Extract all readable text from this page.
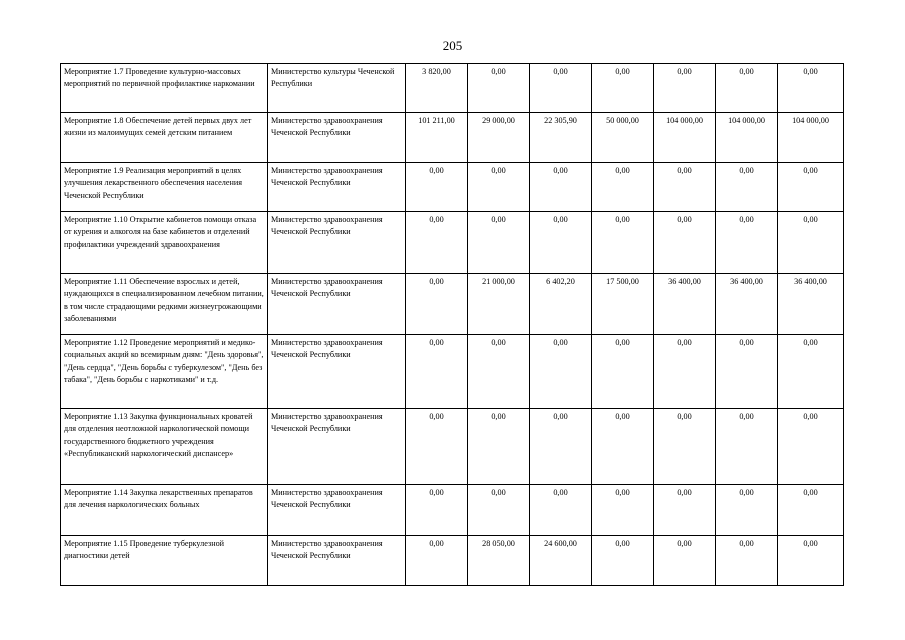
205
Мероприятие 1.7 Проведение культурно-массовых мероприятий по первичной профилактике наркомании	Министерство культуры Чеченской Республики	3 820,00	0,00	0,00	0,00	0,00	0,00	0,00
Мероприятие 1.8 Обеспечение детей первых двух лет жизни из малоимущих семей детским питанием	Министерство здравоохранения Чеченской Республики	101 211,00	29 000,00	22 305,90	50 000,00	104 000,00	104 000,00	104 000,00
Мероприятие 1.9 Реализация мероприятий в целях улучшения лекарственного обеспечения населения Чеченской Республики	Министерство здравоохранения Чеченской Республики	0,00	0,00	0,00	0,00	0,00	0,00	0,00
Мероприятие 1.10 Открытие кабинетов помощи отказа от курения и алкоголя на базе кабинетов и отделений профилактики учреждений здравоохранения	Министерство здравоохранения Чеченской Республики	0,00	0,00	0,00	0,00	0,00	0,00	0,00
Мероприятие 1.11 Обеспечение взрослых и детей, нуждающихся в специализированном лечебном питании, в том числе страдающими редкими жизнеугрожающими заболеваниями	Министерство здравоохранения Чеченской Республики	0,00	21 000,00	6 402,20	17 500,00	36 400,00	36 400,00	36 400,00
Мероприятие 1.12 Проведение мероприятий и медико-социальных акций ко всемирным дням: "День здоровья", "День сердца", "День борьбы с туберкулезом", "День без табака", "День борьбы с наркотиками" и т.д.	Министерство здравоохранения Чеченской Республики	0,00	0,00	0,00	0,00	0,00	0,00	0,00
Мероприятие 1.13 Закупка функциональных кроватей для отделения неотложной наркологической помощи государственного бюджетного учреждения «Республиканский наркологический диспансер»	Министерство здравоохранения Чеченской Республики	0,00	0,00	0,00	0,00	0,00	0,00	0,00
Мероприятие 1.14 Закупка лекарственных препаратов для лечения наркологических больных	Министерство здравоохранения Чеченской Республики	0,00	0,00	0,00	0,00	0,00	0,00	0,00
Мероприятие 1.15 Проведение туберкулезной диагностики детей	Министерство здравоохранения Чеченской Республики	0,00	28 050,00	24 600,00	0,00	0,00	0,00	0,00
